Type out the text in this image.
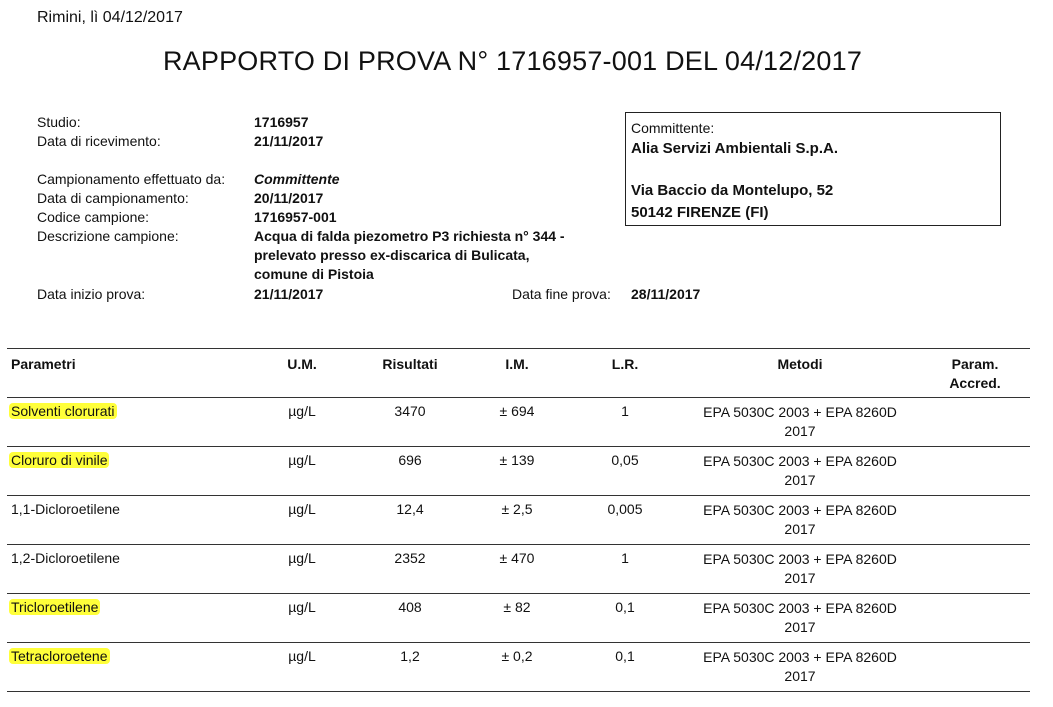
Rimini, lì 04/12/2017
RAPPORTO DI PROVA N° 1716957-001 DEL 04/12/2017
Studio:	1716957
Data di ricevimento:	21/11/2017
Campionamento effettuato da: Committente
Data di campionamento:	20/11/2017
Codice campione:	1716957-001
Descrizione campione:	Acqua di falda piezometro P3 richiesta n° 344 -
prelevato presso ex-discarica di Bulicata,
comune di Pistoia
Data inizio prova:	21/11/2017	Data fine prova: 28/11/2017
Committente:
Alia Servizi Ambientali S.p.A.
Via Baccio da Montelupo, 52
50142 FIRENZE (FI)
Parametri	U.M.	Risultati	I.M.	L.R.	Metodi	Param.
Accred.
Solventi clorurati	µg/L	3470	± 694	1	EPA 5030C 2003 + EPA 8260D
2017
Cloruro di vinile	µg/L	696	± 139	0,05	EPA 5030C 2003 + EPA 8260D
2017
1,1-Dicloroetilene	µg/L	12,4	± 2,5	0,005	EPA 5030C 2003 + EPA 8260D
2017
1,2-Dicloroetilene	µg/L	2352	± 470	1	EPA 5030C 2003 + EPA 8260D
2017
Tricloroetilene	µg/L	408	± 82	0,1	EPA 5030C 2003 + EPA 8260D
2017
Tetracloroetene	µg/L	1,2	± 0,2	0,1	EPA 5030C 2003 + EPA 8260D
2017
